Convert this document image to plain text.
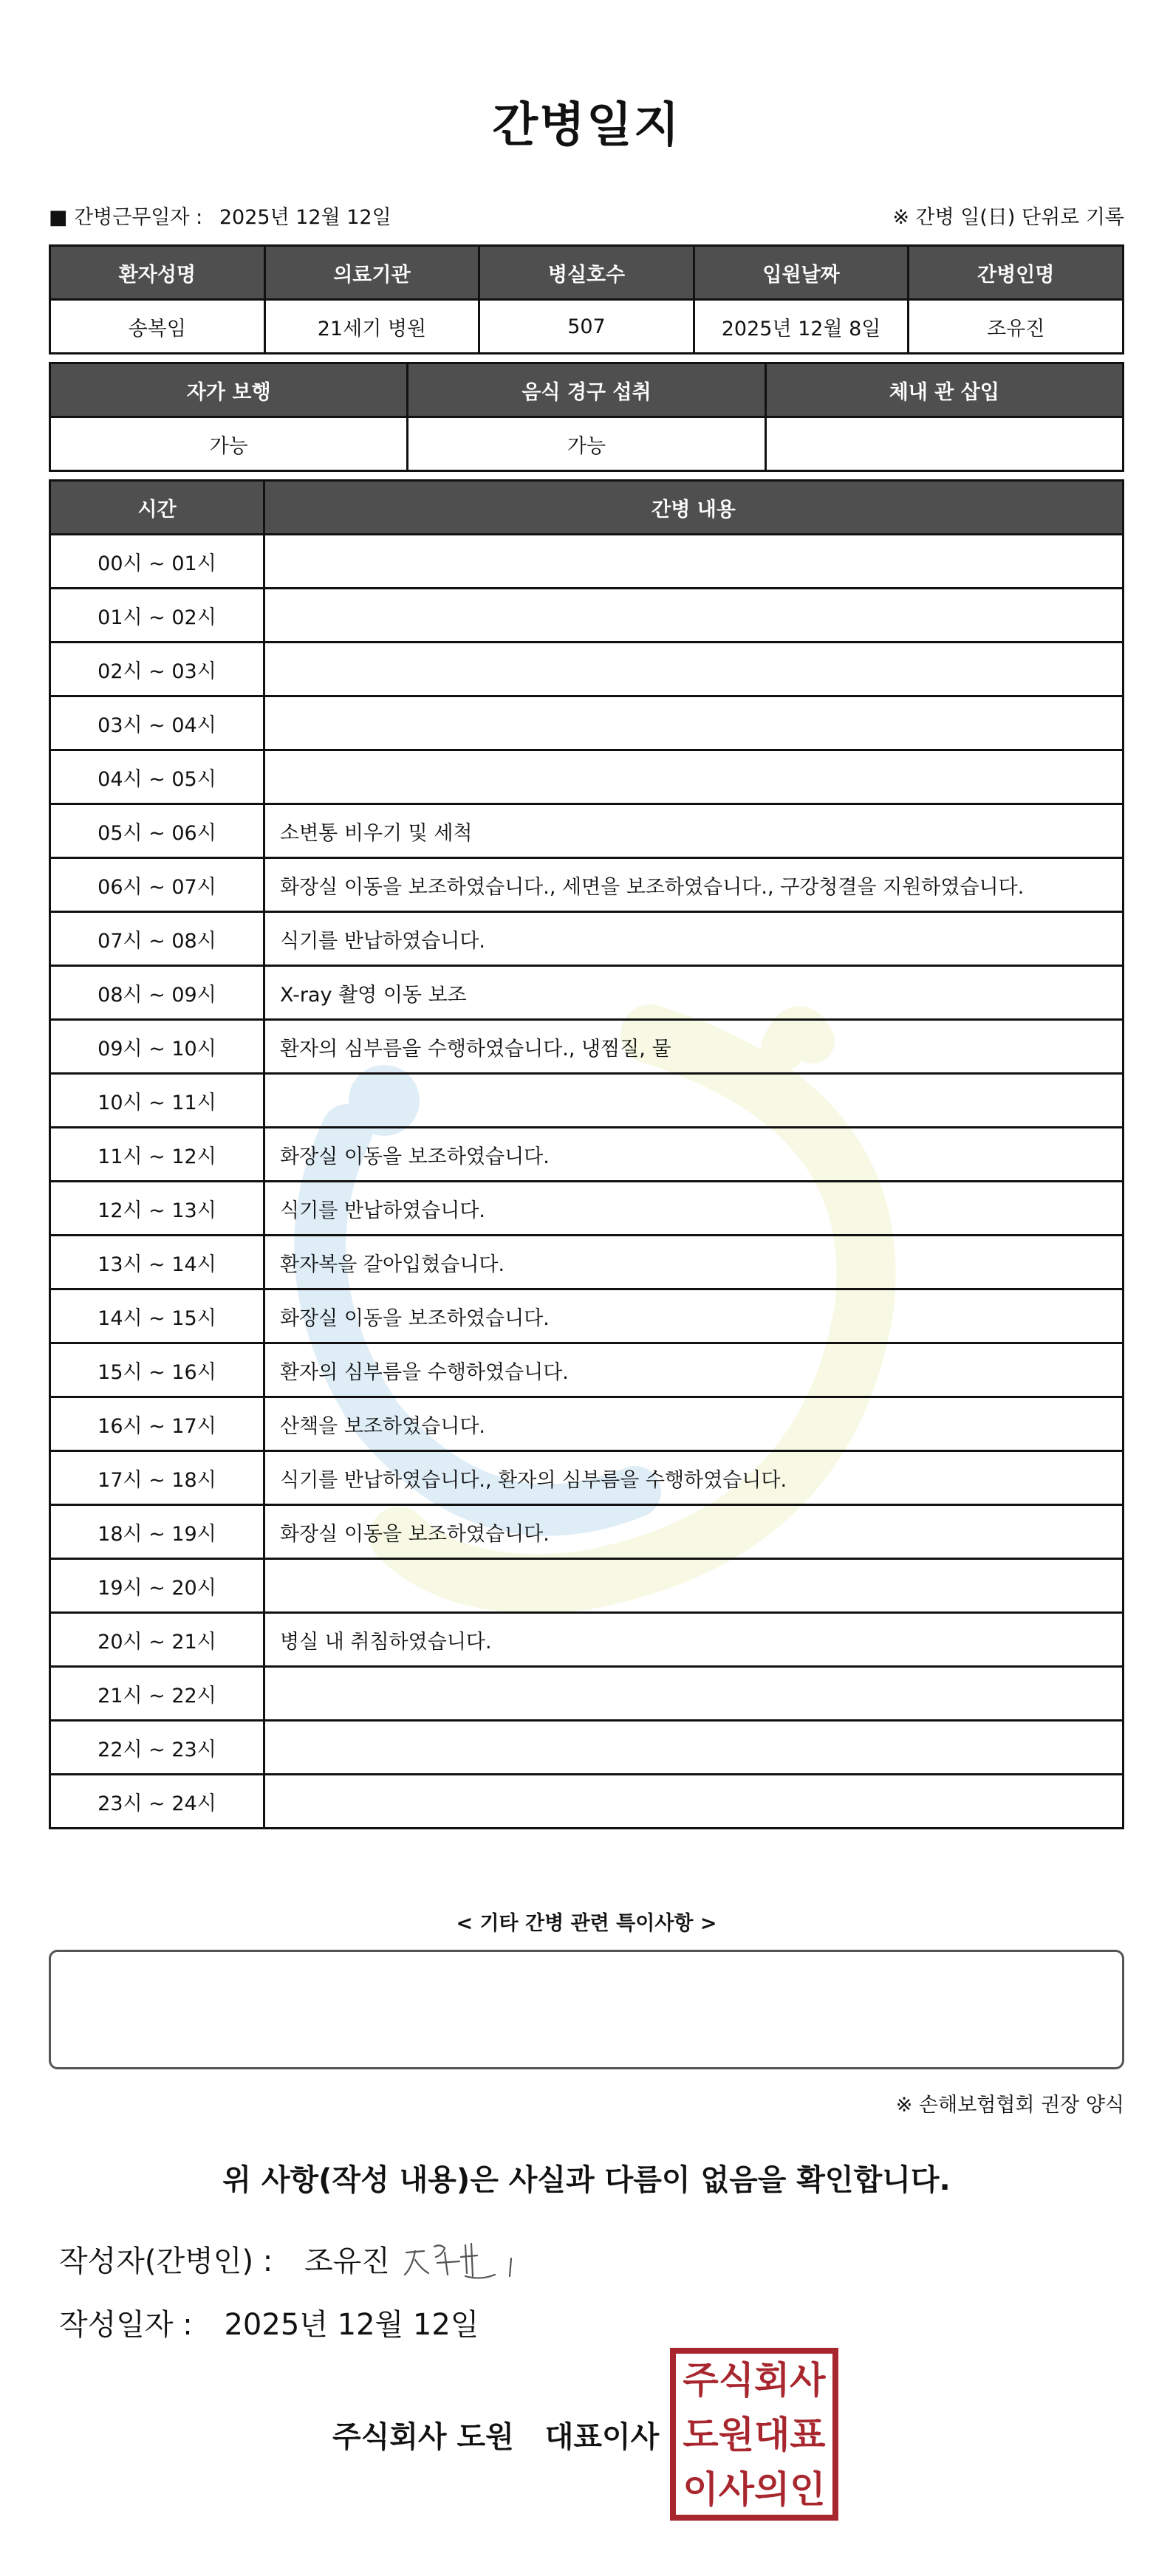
간병일지
■ 간병근무일자 : 2025년 12월 12일	※ 간병 일(日) 단위로 기록
환자성명	의료기관	병실호수	입원날짜	간병인명
송복임	21세기 병원	507	2025년 12월 8일	조유진
자가 보행	음식 경구 섭취	체내 관 삽입
가능	가능	
시간	간병 내용
00시 ~ 01시	
01시 ~ 02시	
02시 ~ 03시	
03시 ~ 04시	
04시 ~ 05시	
05시 ~ 06시	소변통 비우기 및 세척
06시 ~ 07시	화장실 이동을 보조하였습니다., 세면을 보조하였습니다., 구강청결을 지원하였습니다.
07시 ~ 08시	식기를 반납하였습니다.
08시 ~ 09시	X-ray 촬영 이동 보조
09시 ~ 10시	환자의 심부름을 수행하였습니다., 냉찜질, 물
10시 ~ 11시	
11시 ~ 12시	화장실 이동을 보조하였습니다.
12시 ~ 13시	식기를 반납하였습니다.
13시 ~ 14시	환자복을 갈아입혔습니다.
14시 ~ 15시	화장실 이동을 보조하였습니다.
15시 ~ 16시	환자의 심부름을 수행하였습니다.
16시 ~ 17시	산책을 보조하였습니다.
17시 ~ 18시	식기를 반납하였습니다., 환자의 심부름을 수행하였습니다.
18시 ~ 19시	화장실 이동을 보조하였습니다.
19시 ~ 20시	
20시 ~ 21시	병실 내 취침하였습니다.
21시 ~ 22시	
22시 ~ 23시	
23시 ~ 24시	
< 기타 간병 관련 특이사항 >
※ 손해보험협회 권장 양식
위 사항(작성 내용)은 사실과 다름이 없음을 확인합니다.
작성자(간병인) : 조유진
작성일자 : 2025년 12월 12일
주식회사 도원 대표이사
주식회사
도원대표
이사의인
